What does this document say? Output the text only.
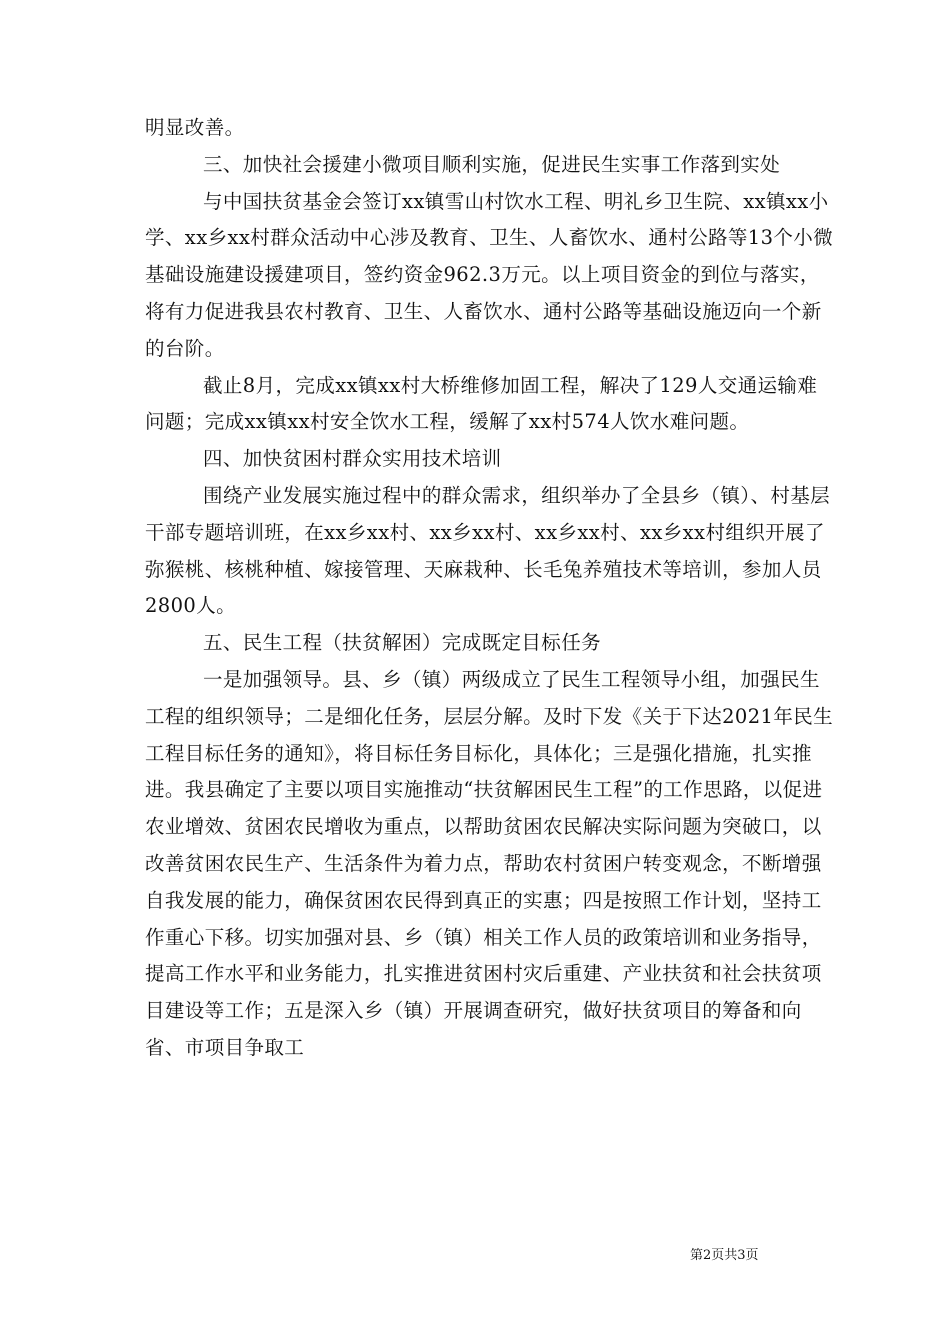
明显改善。

三、加快社会援建小微项目顺利实施，促进民生实事工作落到实处

与中国扶贫基金会签订xx镇雪山村饮水工程、明礼乡卫生院、xx镇xx小学、xx乡xx村群众活动中心涉及教育、卫生、人畜饮水、通村公路等13个小微基础设施建设援建项目，签约资金962.3万元。以上项目资金的到位与落实，将有力促进我县农村教育、卫生、人畜饮水、通村公路等基础设施迈向一个新的台阶。

截止8月，完成xx镇xx村大桥维修加固工程，解决了129人交通运输难问题；完成xx镇xx村安全饮水工程，缓解了xx村574人饮水难问题。

四、加快贫困村群众实用技术培训

围绕产业发展实施过程中的群众需求，组织举办了全县乡（镇）、村基层干部专题培训班，在xx乡xx村、xx乡xx村、xx乡xx村、xx乡xx村组织开展了弥猴桃、核桃种植、嫁接管理、天麻栽种、长毛兔养殖技术等培训，参加人员2800人。

五、民生工程（扶贫解困）完成既定目标任务

一是加强领导。县、乡（镇）两级成立了民生工程领导小组，加强民生工程的组织领导；二是细化任务，层层分解。及时下发《关于下达2021年民生工程目标任务的通知》，将目标任务目标化，具体化；三是强化措施，扎实推进。我县确定了主要以项目实施推动“扶贫解困民生工程”的工作思路，以促进农业增效、贫困农民增收为重点，以帮助贫困农民解决实际问题为突破口，以改善贫困农民生产、生活条件为着力点，帮助农村贫困户转变观念，不断增强自我发展的能力，确保贫困农民得到真正的实惠；四是按照工作计划，坚持工作重心下移。切实加强对县、乡（镇）相关工作人员的政策培训和业务指导，提高工作水平和业务能力，扎实推进贫困村灾后重建、产业扶贫和社会扶贫项目建设等工作；五是深入乡（镇）开展调查研究，做好扶贫项目的筹备和向省、市项目争取工

第2页共3页
